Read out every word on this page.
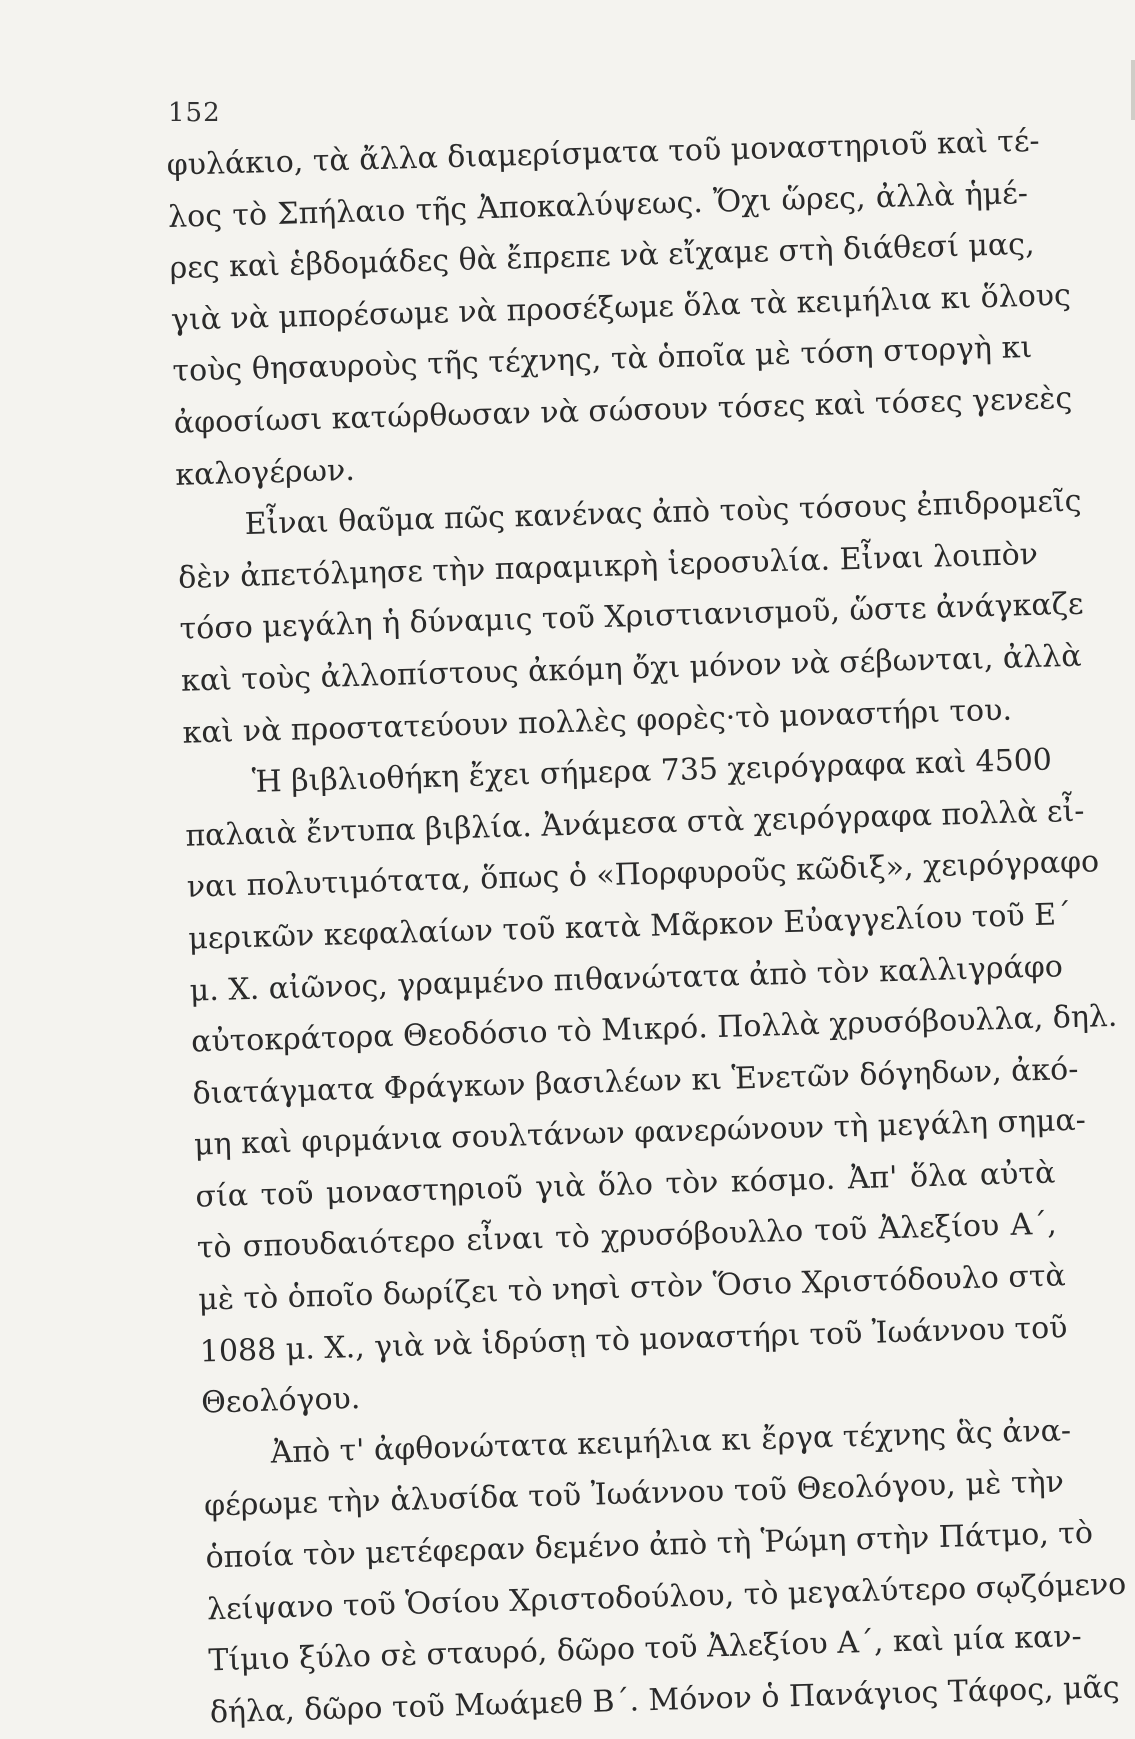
152
φυλάκιο, τὰ ἄλλα διαμερίσματα τοῦ μοναστηριοῦ καὶ τέ-
λος τὸ Σπήλαιο τῆς Ἀποκαλύψεως. Ὄχι ὥρες, ἀλλὰ ἡμέ-
ρες καὶ ἑβδομάδες θὰ ἔπρεπε νὰ εἴχαμε στὴ διάθεσί μας,
γιὰ νὰ μπορέσωμε νὰ προσέξωμε ὅλα τὰ κειμήλια κι ὅλους
τοὺς θησαυροὺς τῆς τέχνης, τὰ ὁποῖα μὲ τόση στοργὴ κι
ἀφοσίωσι κατώρθωσαν νὰ σώσουν τόσες καὶ τόσες γενεὲς
καλογέρων.
Εἶναι θαῦμα πῶς κανένας ἀπὸ τοὺς τόσους ἐπιδρομεῖς
δὲν ἀπετόλμησε τὴν παραμικρὴ ἱεροσυλία. Εἶναι λοιπὸν
τόσο μεγάλη ἡ δύναμις τοῦ Χριστιανισμοῦ, ὥστε ἀνάγκαζε
καὶ τοὺς ἀλλοπίστους ἀκόμη ὄχι μόνον νὰ σέβωνται, ἀλλὰ
καὶ νὰ προστατεύουν πολλὲς φορὲς·τὸ μοναστήρι του.
Ἡ βιβλιοθήκη ἔχει σήμερα 735 χειρόγραφα καὶ 4500
παλαιὰ ἔντυπα βιβλία. Ἀνάμεσα στὰ χειρόγραφα πολλὰ εἶ-
ναι πολυτιμότατα, ὅπως ὁ «Πορφυροῦς κῶδιξ», χειρόγραφο
μερικῶν κεφαλαίων τοῦ κατὰ Μᾶρκον Εὐαγγελίου τοῦ Ε΄
μ. Χ. αἰῶνος, γραμμένο πιθανώτατα ἀπὸ τὸν καλλιγράφο
αὐτοκράτορα Θεοδόσιο τὸ Μικρό. Πολλὰ χρυσόβουλλα, δηλ.
διατάγματα Φράγκων βασιλέων κι Ἑνετῶν δόγηδων, ἀκό-
μη καὶ φιρμάνια σουλτάνων φανερώνουν τὴ μεγάλη σημα-
σία τοῦ μοναστηριοῦ γιὰ ὅλο τὸν κόσμο. Ἀπ' ὅλα αὐτὰ
τὸ σπουδαιότερο εἶναι τὸ χρυσόβουλλο τοῦ Ἀλεξίου Α΄,
μὲ τὸ ὁποῖο δωρίζει τὸ νησὶ στὸν Ὅσιο Χριστόδουλο στὰ
1088 μ. Χ., γιὰ νὰ ἱδρύσῃ τὸ μοναστήρι τοῦ Ἰωάννου τοῦ
Θεολόγου.
Ἀπὸ τ' ἀφθονώτατα κειμήλια κι ἔργα τέχνης ἃς ἀνα-
φέρωμε τὴν ἁλυσίδα τοῦ Ἰωάννου τοῦ Θεολόγου, μὲ τὴν
ὁποία τὸν μετέφεραν δεμένο ἀπὸ τὴ Ῥώμη στὴν Πάτμο, τὸ
λείψανο τοῦ Ὁσίου Χριστοδούλου, τὸ μεγαλύτερο σῳζόμενο
Τίμιο ξύλο σὲ σταυρό, δῶρο τοῦ Ἀλεξίου Α΄, καὶ μία καν-
δήλα, δῶρο τοῦ Μωάμεθ Β΄. Μόνον ὁ Πανάγιος Τάφος, μᾶς
